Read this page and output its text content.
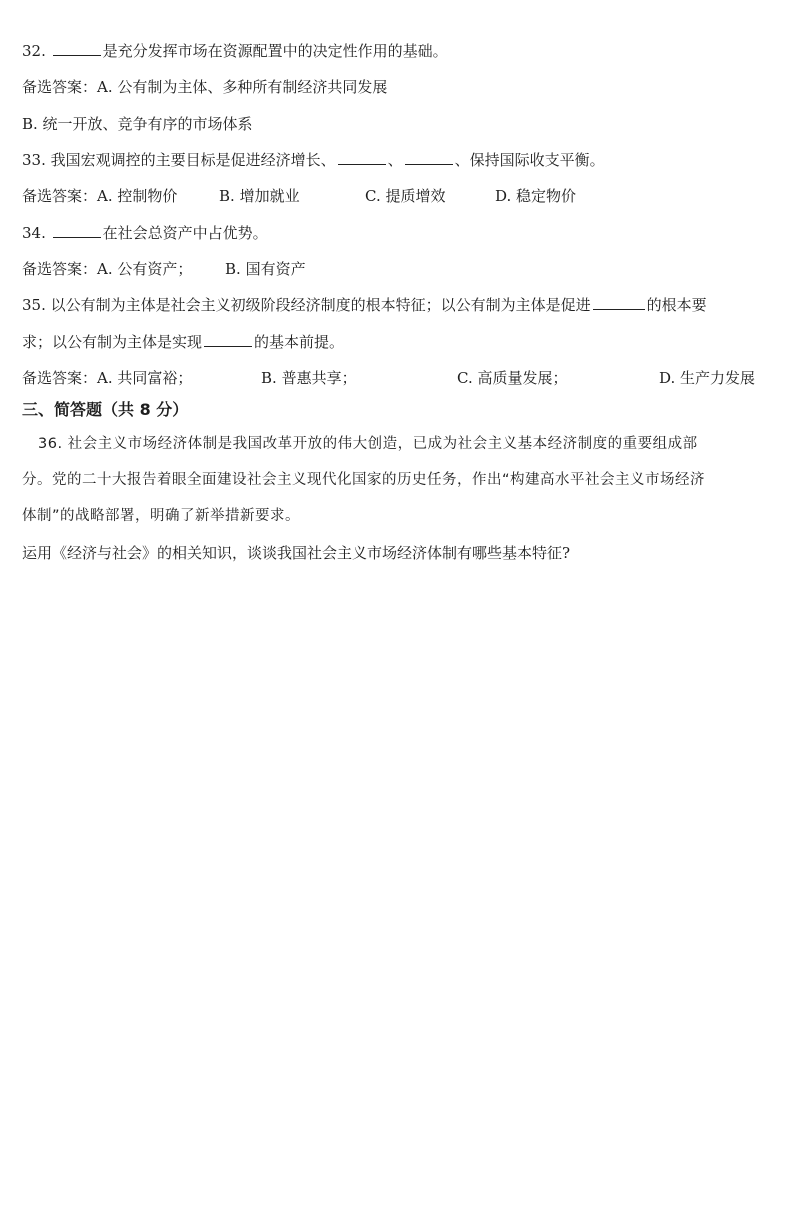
32.	是充分发挥市场在资源配置中的决定性作用的基础。
备选答案：A. 公有制为主体、多种所有制经济共同发展
B. 统一开放、竞争有序的市场体系
33. 我国宏观调控的主要目标是促进经济增长、	、	、保持国际收支平衡。
备选答案：A. 控制物价	B. 增加就业	C. 提质增效	D. 稳定物价
34.	在社会总资产中占优势。
备选答案：A. 公有资产； B. 国有资产
35. 以公有制为主体是社会主义初级阶段经济制度的根本特征；以公有制为主体是促进	的根本要
求；以公有制为主体是实现	的基本前提。
备选答案：A. 共同富裕；	B. 普惠共享；	C. 高质量发展；	D. 生产力发展
三、简答题（共 8 分）
36. 社会主义市场经济体制是我国改革开放的伟大创造，已成为社会主义基本经济制度的重要组成部
分。党的二十大报告着眼全面建设社会主义现代化国家的历史任务，作出“构建高水平社会主义市场经济
体制”的战略部署，明确了新举措新要求。
运用《经济与社会》的相关知识，谈谈我国社会主义市场经济体制有哪些基本特征?
